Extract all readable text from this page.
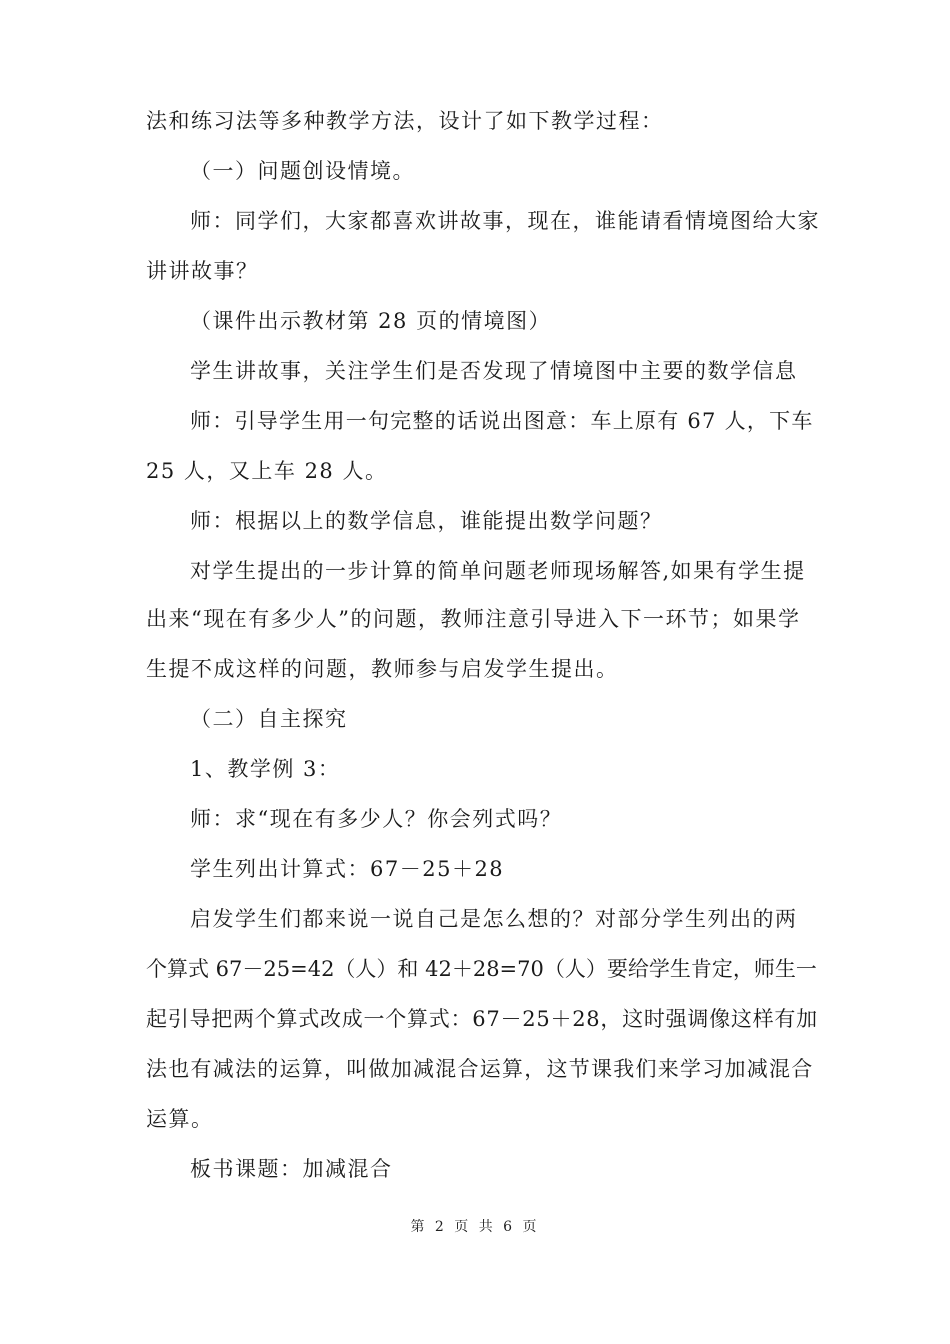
法和练习法等多种教学方法，设计了如下教学过程：
（一）问题创设情境。
师：同学们，大家都喜欢讲故事，现在，谁能请看情境图给大家
讲讲故事？
（课件出示教材第 28 页的情境图）
学生讲故事，关注学生们是否发现了情境图中主要的数学信息
师：引导学生用一句完整的话说出图意：车上原有 67 人，下车
25 人，又上车 28 人。
师：根据以上的数学信息，谁能提出数学问题？
对学生提出的一步计算的简单问题老师现场解答,如果有学生提
出来“现在有多少人”的问题，教师注意引导进入下一环节；如果学
生提不成这样的问题，教师参与启发学生提出。
（二）自主探究
1、教学例 3：
师：求“现在有多少人？你会列式吗？
学生列出计算式：67－25＋28
启发学生们都来说一说自己是怎么想的？对部分学生列出的两
个算式 67－25=42（人）和 42＋28=70（人）要给学生肯定，师生一
起引导把两个算式改成一个算式：67－25＋28，这时强调像这样有加
法也有减法的运算，叫做加减混合运算，这节课我们来学习加减混合
运算。
板书课题：加减混合
第 2 页 共 6 页
